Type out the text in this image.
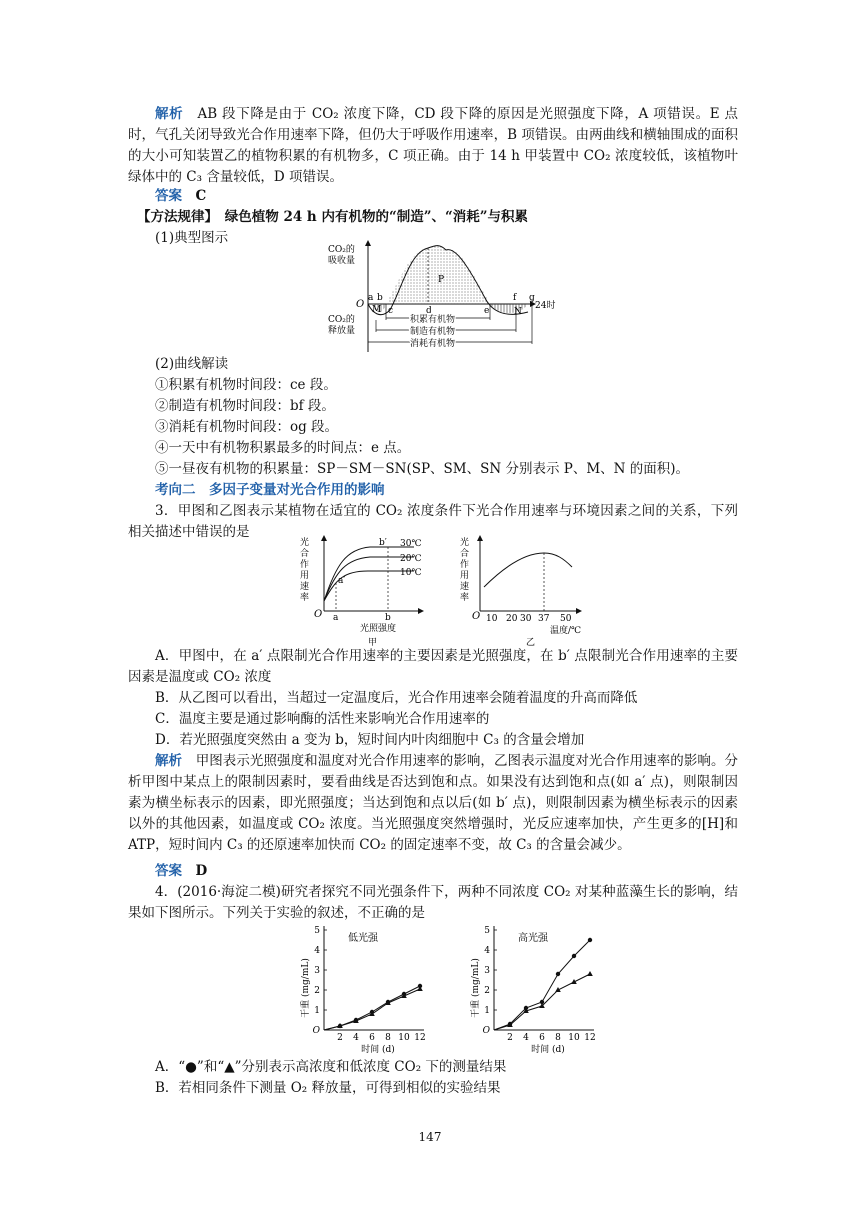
解析　 AB 段下降是由于 CO₂ 浓度下降，CD 段下降的原因是光照强度下降，A 项错误。E 点时，气孔关闭导致光合作用速率下降，但仍大于呼吸作用速率，B 项错误。由两曲线和横轴围成的面积的大小可知装置乙的植物积累的有机物多，C 项正确。由于 14 h 甲装置中 CO₂ 浓度较低，该植物叶绿体中的 C₃ 含量较低，D 项错误。

答案　 C

【方法规律】　 绿色植物 24 h 内有机物的“制造”、“消耗”与积累

(1)典型图示

CO₂的
吸收量
CO₂的
释放量
O
a b
c	d	e
f g
M
P
N
24时
积累有机物
制造有机物
消耗有机物

(2)曲线解读

①积累有机物时间段：ce 段。

②制造有机物时间段：bf 段。

③消耗有机物时间段：og 段。

④一天中有机物积累最多的时间点：e 点。

⑤一昼夜有机物的积累量：SP－SM－SN(SP、SM、SN 分别表示 P、M、N 的面积)。

考向二　多因子变量对光合作用的影响

3．甲图和乙图表示某植物在适宜的 CO₂ 浓度条件下光合作用速率与环境因素之间的关系，下列相关描述中错误的是

光
合
作
用
速
率
O a	b
b′
a′
30℃
20℃
10℃
光照强度
甲
光
合
作
用
速
率
O 10 20 30 37 50
温度/℃
乙

A．甲图中，在 a′ 点限制光合作用速率的主要因素是光照强度，在 b′ 点限制光合作用速率的主要因素是温度或 CO₂ 浓度

B．从乙图可以看出，当超过一定温度后，光合作用速率会随着温度的升高而降低

C．温度主要是通过影响酶的活性来影响光合作用速率的

D．若光照强度突然由 a 变为 b，短时间内叶肉细胞中 C₃ 的含量会增加

解析　 甲图表示光照强度和温度对光合作用速率的影响，乙图表示温度对光合作用速率的影响。分析甲图中某点上的限制因素时，要看曲线是否达到饱和点。如果没有达到饱和点(如 a′ 点)，则限制因素为横坐标表示的因素，即光照强度；当达到饱和点以后(如 b′ 点)，则限制因素为横坐标表示的因素以外的其他因素，如温度或 CO₂ 浓度。当光照强度突然增强时，光反应速率加快，产生更多的[H]和 ATP，短时间内 C₃ 的还原速率加快而 CO₂ 的固定速率不变，故 C₃ 的含量会减少。

答案　 D

4．(2016·海淀二模)研究者探究不同光强条件下，两种不同浓度 CO₂ 对某种蓝藻生长的影响，结果如下图所示。下列关于实验的叙述，不正确的是

干重 (mg/mL)
低光强
时间 (d)
O
1
2
3
4
5
2 4 6 8 10 12
干重 (mg/mL)
高光强
时间 (d)
O
1
2
3
4
5
2 4 6 8 10 12

A．“●”和“▲”分别表示高浓度和低浓度 CO₂ 下的测量结果

B．若相同条件下测量 O₂ 释放量，可得到相似的实验结果

147
